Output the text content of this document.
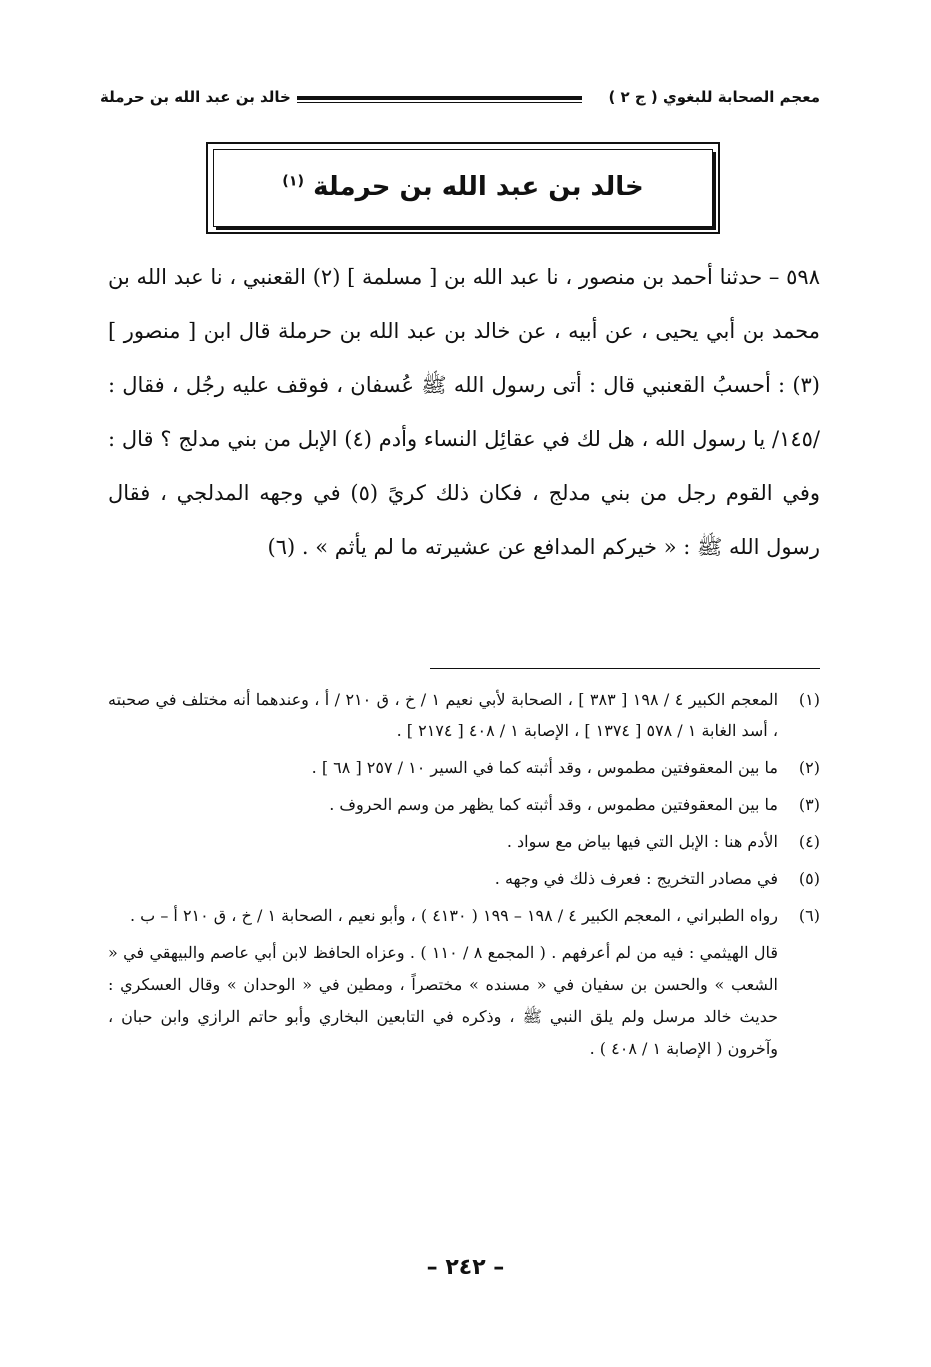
معجم الصحابة للبغوي ( ج ٢ )
خالد بن عبد الله بن حرملة
خالد بن عبد الله بن حرملة $^{(١)}$

٥٩٨ – حدثنا أحمد بن منصور ، نا عبد الله بن [ مسلمة ] (٢) القعنبي ، نا عبد الله بن محمد بن أبي يحيى ، عن أبيه ، عن خالد بن عبد الله بن حرملة قال ابن [ منصور ] (٣) : أحسبُ القعنبي قال : أتى رسول الله ﷺ عُسفان ، فوقف عليه رجُل ، فقال : /١٤٥/ يا رسول الله ، هل لك في عقائِل النساء وأدم (٤) الإبل من بني مدلج ؟ قال : وفي القوم رجل من بني مدلج ، فكان ذلك كريً (٥) في وجهه المدلجي ، فقال رسول الله ﷺ : « خيركم المدافع عن عشيرته ما لم يأثم » . (٦)

(١)
المعجم الكبير ٤ / ١٩٨ [ ٣٨٣ ] ، الصحابة لأبي نعيم ١ / خ ، ق ٢١٠ / أ ، وعندهما أنه مختلف في صحبته ، أسد الغابة ١ / ٥٧٨ [ ١٣٧٤ ] ، الإصابة ١ / ٤٠٨ [ ٢١٧٤ ] .
(٢)
ما بين المعقوفتين مطموس ، وقد أثبته كما في السير ١٠ / ٢٥٧ [ ٦٨ ] .
(٣)
ما بين المعقوفتين مطموس ، وقد أثبته كما يظهر من وسم الحروف .
(٤)
الأدم هنا : الإبل التي فيها بياض مع سواد .
(٥)
في مصادر التخريج : فعرف ذلك في وجهه .
(٦)
رواه الطبراني ، المعجم الكبير ٤ / ١٩٨ – ١٩٩ ( ٤١٣٠ ) ، وأبو نعيم ، الصحابة ١ / خ ، ق ٢١٠ أ – ب .
قال الهيثمي : فيه من لم أعرفهم . ( المجمع ٨ / ١١٠ ) . وعزاه الحافظ لابن أبي عاصم والبيهقي في « الشعب » والحسن بن سفيان في « مسنده » مختصراً ، ومطين في « الوحدان » وقال العسكري : حديث خالد مرسل ولم يلق النبي ﷺ ، وذكره في التابعين البخاري وأبو حاتم الرازي وابن حبان ، وآخرون ( الإصابة ١ / ٤٠٨ ) .
– ٢٤٢ –
